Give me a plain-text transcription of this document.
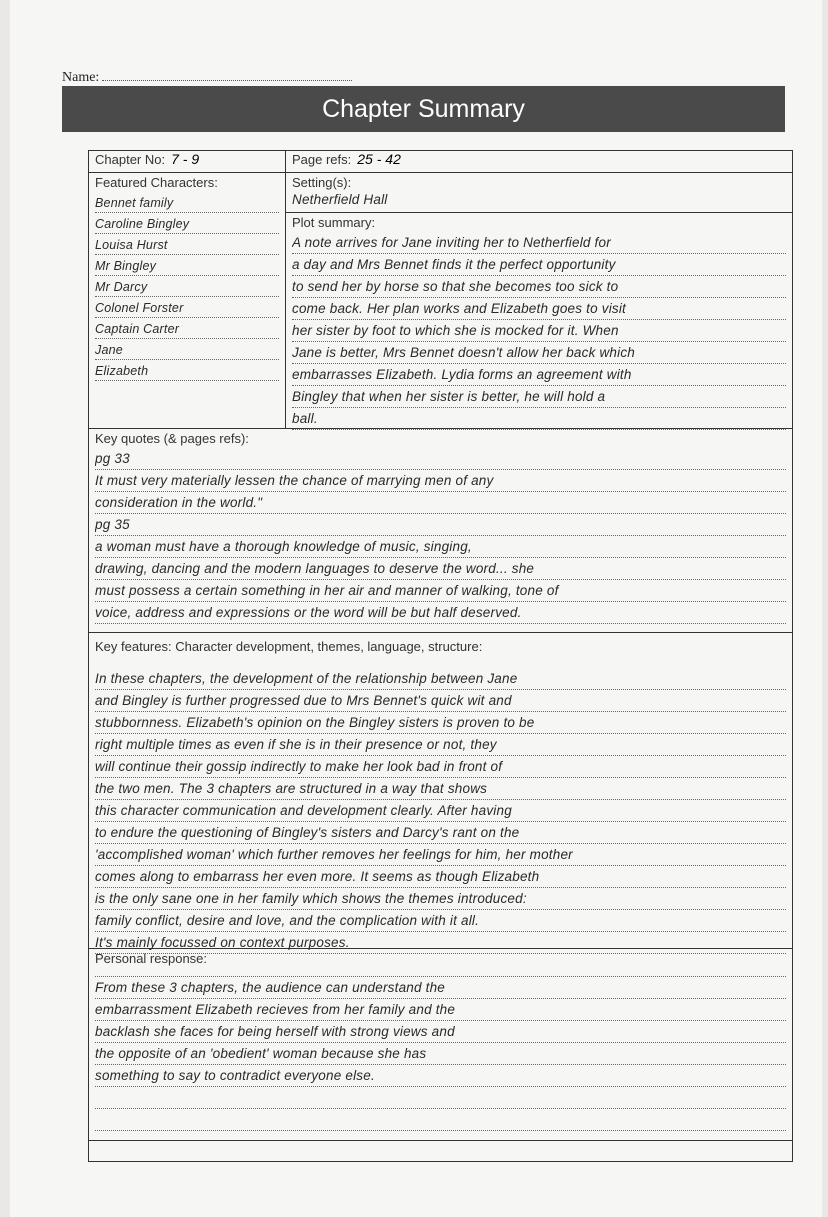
Name:
Chapter Summary
Chapter No: 7 - 9	Page refs: 25 - 42
Featured Characters:
Bennet family
Caroline Bingley
Louisa Hurst
Mr Bingley
Mr Darcy
Colonel Forster
Captain Carter
Jane
Elizabeth
Setting(s):
Netherfield Hall
Plot summary:
A note arrives for Jane inviting her to Netherfield for
a day and Mrs Bennet finds it the perfect opportunity
to send her by horse so that she becomes too sick to
come back. Her plan works and Elizabeth goes to visit
her sister by foot to which she is mocked for it. When
Jane is better, Mrs Bennet doesn't allow her back which
embarrasses Elizabeth. Lydia forms an agreement with
Bingley that when her sister is better, he will hold a
ball.
Key quotes (& pages refs):
pg 33
It must very materially lessen the chance of marrying men of any
consideration in the world."
pg 35
a woman must have a thorough knowledge of music, singing,
drawing, dancing and the modern languages to deserve the word... she
must possess a certain something in her air and manner of walking, tone of
voice, address and expressions or the word will be but half deserved.
Key features: Character development, themes, language, structure:
In these chapters, the development of the relationship between Jane
and Bingley is further progressed due to Mrs Bennet's quick wit and
stubbornness. Elizabeth's opinion on the Bingley sisters is proven to be
right multiple times as even if she is in their presence or not, they
will continue their gossip indirectly to make her look bad in front of
the two men. The 3 chapters are structured in a way that shows
this character communication and development clearly. After having
to endure the questioning of Bingley's sisters and Darcy's rant on the
'accomplished woman' which further removes her feelings for him, her mother
comes along to embarrass her even more. It seems as though Elizabeth
is the only sane one in her family which shows the themes introduced:
family conflict, desire and love, and the complication with it all.
It's mainly focussed on context purposes.
Personal response:
From these 3 chapters, the audience can understand the
embarrassment Elizabeth recieves from her family and the
backlash she faces for being herself with strong views and
the opposite of an 'obedient' woman because she has
something to say to contradict everyone else.
